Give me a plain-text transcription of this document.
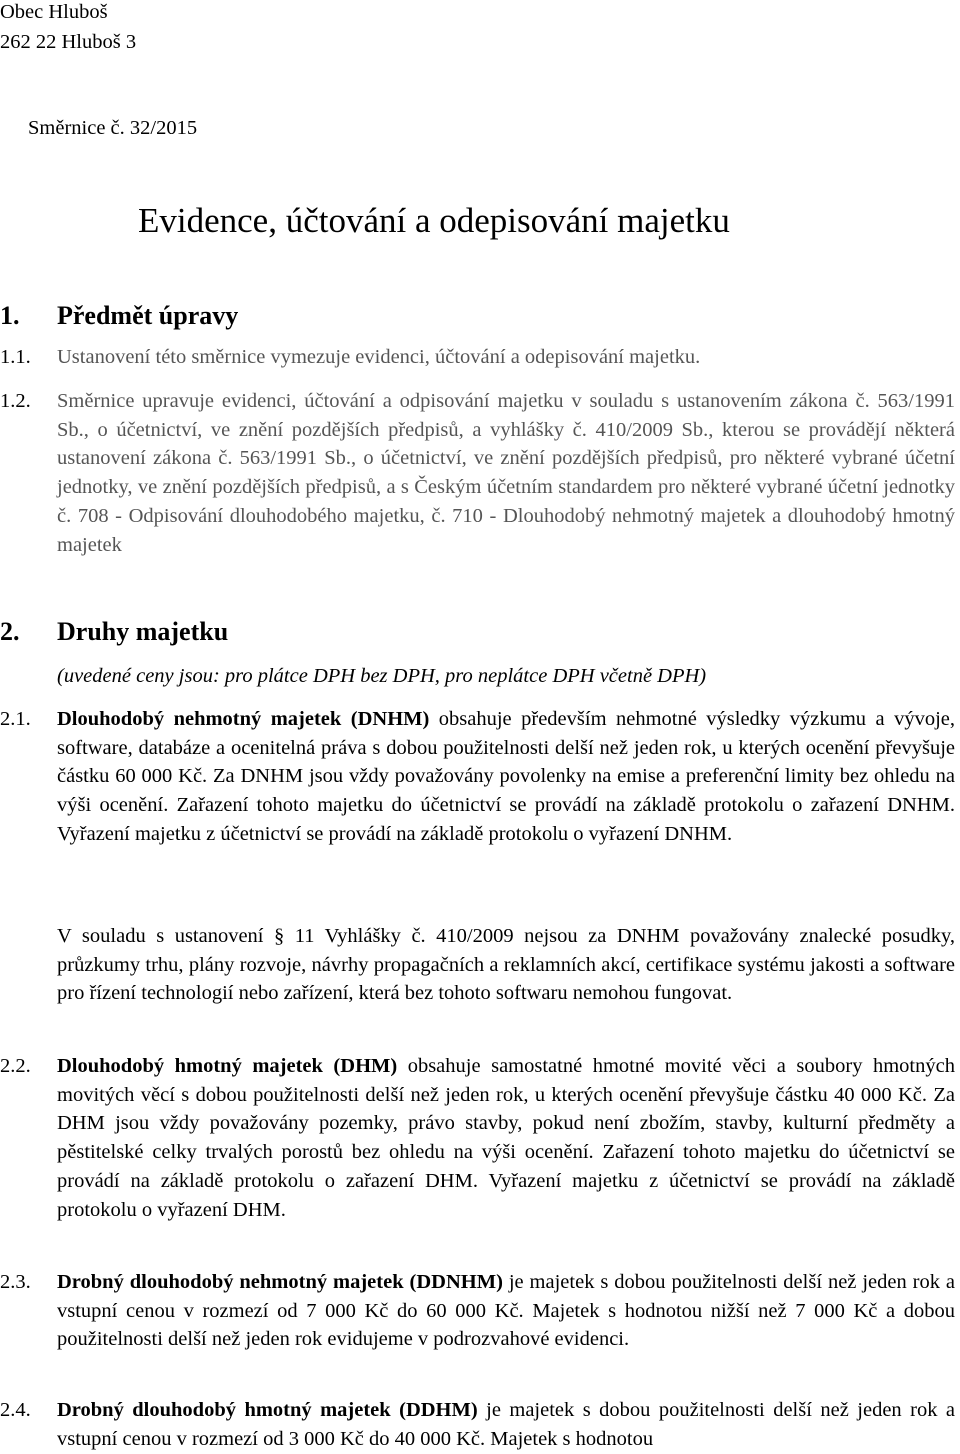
Obec Hluboš

262 22 Hluboš 3

Směrnice č. 32/2015

Evidence, účtování a odepisování majetku

1. Předmět úpravy

1.1. Ustanovení této směrnice vymezuje evidenci, účtování a odepisování majetku.

1.2. Směrnice upravuje evidenci, účtování a odpisování majetku v souladu s ustanovením zákona č. 563/1991 Sb., o účetnictví, ve znění pozdějších předpisů, a vyhlášky č. 410/2009 Sb., kterou se provádějí některá ustanovení zákona č. 563/1991 Sb., o účetnictví, ve znění pozdějších předpisů, pro některé vybrané účetní jednotky, ve znění pozdějších předpisů, a s Českým účetním standardem pro některé vybrané účetní jednotky č. 708 - Odpisování dlouhodobého majetku, č. 710 - Dlouhodobý nehmotný majetek a dlouhodobý hmotný majetek

2. Druhy majetku

(uvedené ceny jsou: pro plátce DPH bez DPH, pro neplátce DPH včetně DPH)

2.1. Dlouhodobý nehmotný majetek (DNHM) obsahuje především nehmotné výsledky výzkumu a vývoje, software, databáze a ocenitelná práva s dobou použitelnosti delší než jeden rok, u kterých ocenění převyšuje částku 60 000 Kč. Za DNHM jsou vždy považovány povolenky na emise a preferenční limity bez ohledu na výši ocenění. Zařazení tohoto majetku do účetnictví se provádí na základě protokolu o zařazení DNHM. Vyřazení majetku z účetnictví se provádí na základě protokolu o vyřazení DNHM.

V souladu s ustanovení § 11 Vyhlášky č. 410/2009 nejsou za DNHM považovány znalecké posudky, průzkumy trhu, plány rozvoje, návrhy propagačních a reklamních akcí, certifikace systému jakosti a software pro řízení technologií nebo zařízení, která bez tohoto softwaru nemohou fungovat.

2.2. Dlouhodobý hmotný majetek (DHM) obsahuje samostatné hmotné movité věci a soubory hmotných movitých věcí s dobou použitelnosti delší než jeden rok, u kterých ocenění převyšuje částku 40 000 Kč. Za DHM jsou vždy považovány pozemky, právo stavby, pokud není zbožím, stavby, kulturní předměty a pěstitelské celky trvalých porostů bez ohledu na výši ocenění. Zařazení tohoto majetku do účetnictví se provádí na základě protokolu o zařazení DHM. Vyřazení majetku z účetnictví se provádí na základě protokolu o vyřazení DHM.

2.3. Drobný dlouhodobý nehmotný majetek (DDNHM) je majetek s dobou použitelnosti delší než jeden rok a vstupní cenou v rozmezí od 7 000 Kč do 60 000 Kč. Majetek s hodnotou nižší než 7 000 Kč a dobou použitelnosti delší než jeden rok evidujeme v podrozvahové evidenci.

2.4. Drobný dlouhodobý hmotný majetek (DDHM) je majetek s dobou použitelnosti delší než jeden rok a vstupní cenou v rozmezí od 3 000 Kč do 40 000 Kč. Majetek s hodnotou
